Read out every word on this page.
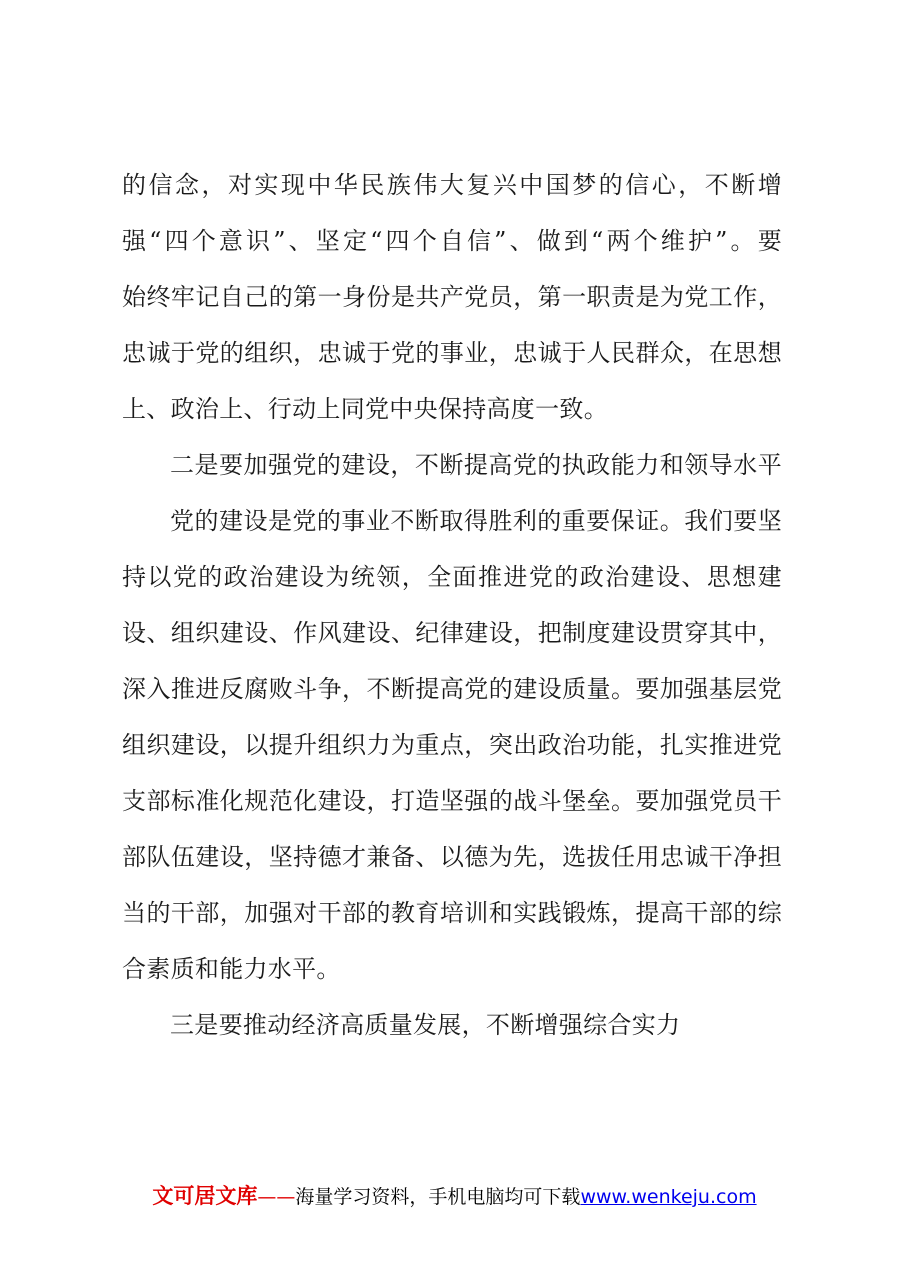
的信念，对实现中华民族伟大复兴中国梦的信心，不断增
强“四个意识”、坚定“四个自信”、做到“两个维护”。要
始终牢记自己的第一身份是共产党员，第一职责是为党工作，
忠诚于党的组织，忠诚于党的事业，忠诚于人民群众，在思想
上、政治上、行动上同党中央保持高度一致。
二是要加强党的建设，不断提高党的执政能力和领导水平
党的建设是党的事业不断取得胜利的重要保证。我们要坚
持以党的政治建设为统领，全面推进党的政治建设、思想建
设、组织建设、作风建设、纪律建设，把制度建设贯穿其中，
深入推进反腐败斗争，不断提高党的建设质量。要加强基层党
组织建设，以提升组织力为重点，突出政治功能，扎实推进党
支部标准化规范化建设，打造坚强的战斗堡垒。要加强党员干
部队伍建设，坚持德才兼备、以德为先，选拔任用忠诚干净担
当的干部，加强对干部的教育培训和实践锻炼，提高干部的综
合素质和能力水平。
三是要推动经济高质量发展，不断增强综合实力
文可居文库——海量学习资料，手机电脑均可下载www.wenkeju.com
